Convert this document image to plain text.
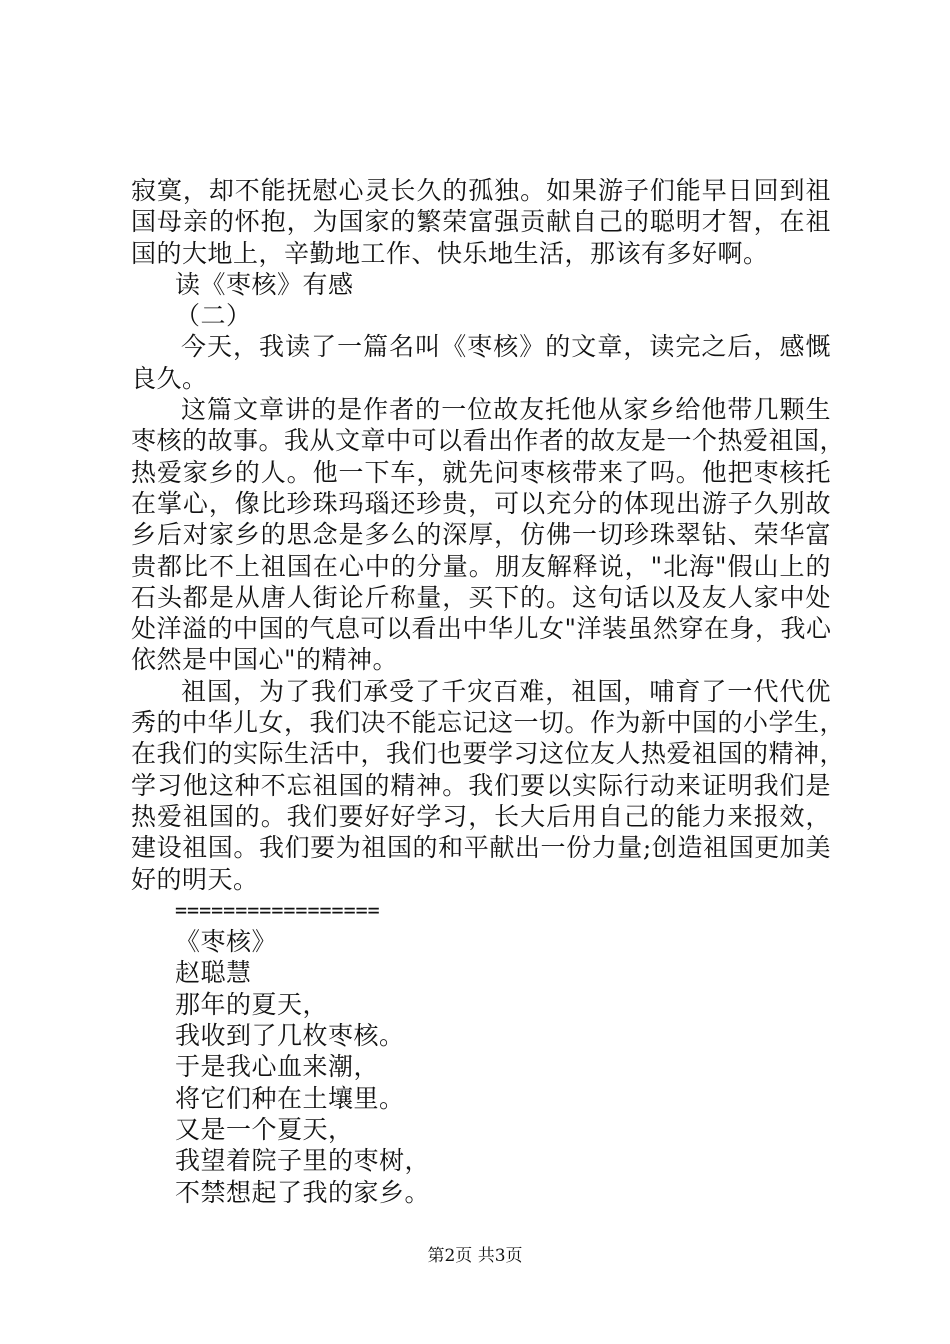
寂寞，却不能抚慰心灵长久的孤独。如果游子们能早日回到祖
国母亲的怀抱，为国家的繁荣富强贡献自己的聪明才智，在祖
国的大地上，辛勤地工作、快乐地生活，那该有多好啊。
读《枣核》有感
（二）
今天，我读了一篇名叫《枣核》的文章，读完之后，感慨
良久。
这篇文章讲的是作者的一位故友托他从家乡给他带几颗生
枣核的故事。我从文章中可以看出作者的故友是一个热爱祖国，
热爱家乡的人。他一下车，就先问枣核带来了吗。他把枣核托
在掌心，像比珍珠玛瑙还珍贵，可以充分的体现出游子久别故
乡后对家乡的思念是多么的深厚，仿佛一切珍珠翠钻、荣华富
贵都比不上祖国在心中的分量。朋友解释说，"北海"假山上的
石头都是从唐人街论斤称量，买下的。这句话以及友人家中处
处洋溢的中国的气息可以看出中华儿女"洋装虽然穿在身，我心
依然是中国心"的精神。
祖国，为了我们承受了千灾百难，祖国，哺育了一代代优
秀的中华儿女，我们决不能忘记这一切。作为新中国的小学生，
在我们的实际生活中，我们也要学习这位友人热爱祖国的精神，
学习他这种不忘祖国的精神。我们要以实际行动来证明我们是
热爱祖国的。我们要好好学习，长大后用自己的能力来报效，
建设祖国。我们要为祖国的和平献出一份力量;创造祖国更加美
好的明天。
=================
《枣核》
赵聪慧
那年的夏天，
我收到了几枚枣核。
于是我心血来潮，
将它们种在土壤里。
又是一个夏天，
我望着院子里的枣树，
不禁想起了我的家乡。
第2页 共3页
